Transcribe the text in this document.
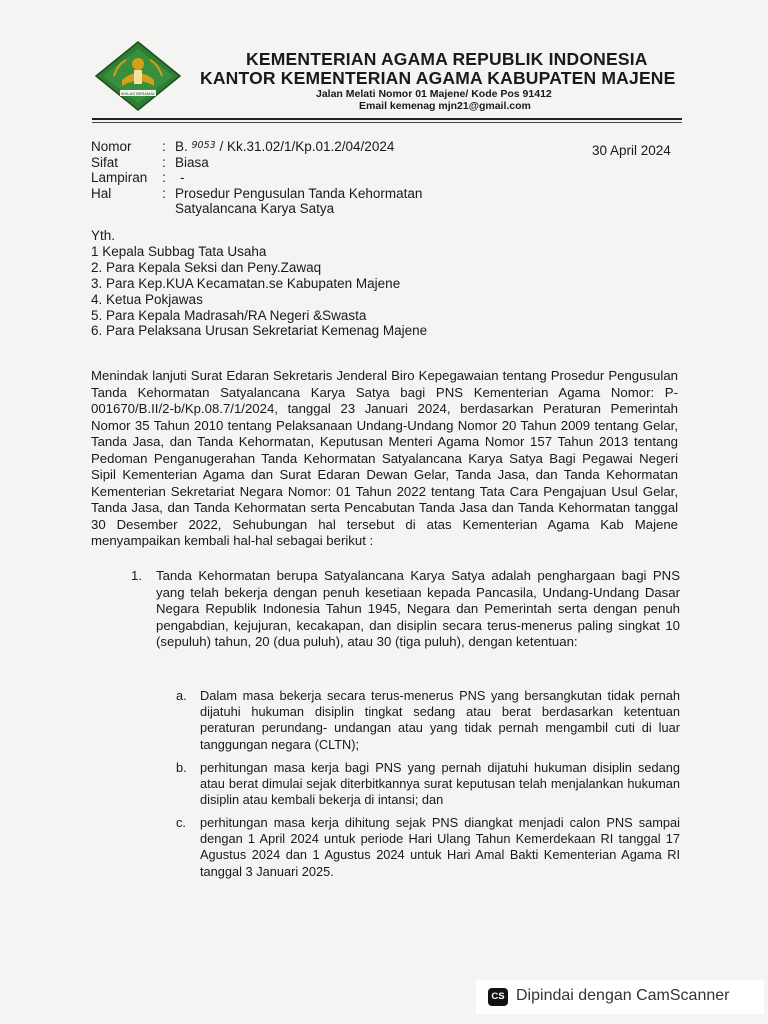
IKHLAS BERAMAL
KEMENTERIAN AGAMA REPUBLIK INDONESIA
KANTOR KEMENTERIAN AGAMA KABUPATEN MAJENE
Jalan Melati Nomor 01 Majene/ Kode Pos 91412
Email kemenag mjn21@gmail.com
Nomor : B. $^{9053}$ / Kk.31.02/1/Kp.01.2/04/2024
Sifat	: Biasa
Lampiran : -
Hal	: Prosedur Pengusulan Tanda Kehormatan
Satyalancana Karya Satya
30 April 2024
Yth.
1 Kepala Subbag Tata Usaha
2. Para Kepala Seksi dan Peny.Zawaq
3. Para Kep.KUA Kecamatan.se Kabupaten Majene
4. Ketua Pokjawas
5. Para Kepala Madrasah/RA Negeri &Swasta
6. Para Pelaksana Urusan Sekretariat Kemenag Majene
Menindak lanjuti Surat Edaran Sekretaris Jenderal Biro Kepegawaian tentang Prosedur Pengusulan Tanda Kehormatan Satyalancana Karya Satya bagi PNS Kementerian Agama Nomor: P-001670/B.II/2-b/Kp.08.7/1/2024, tanggal 23 Januari 2024, berdasarkan Peraturan Pemerintah Nomor 35 Tahun 2010 tentang Pelaksanaan Undang-Undang Nomor 20 Tahun 2009 tentang Gelar, Tanda Jasa, dan Tanda Kehormatan, Keputusan Menteri Agama Nomor 157 Tahun 2013 tentang Pedoman Penganugerahan Tanda Kehormatan Satyalancana Karya Satya Bagi Pegawai Negeri Sipil Kementerian Agama dan Surat Edaran Dewan Gelar, Tanda Jasa, dan Tanda Kehormatan Kementerian Sekretariat Negara Nomor: 01 Tahun 2022 tentang Tata Cara Pengajuan Usul Gelar, Tanda Jasa, dan Tanda Kehormatan serta Pencabutan Tanda Jasa dan Tanda Kehormatan tanggal 30 Desember 2022, Sehubungan hal tersebut di atas Kementerian Agama Kab Majene menyampaikan kembali hal-hal sebagai berikut :
1. Tanda Kehormatan berupa Satyalancana Karya Satya adalah penghargaan bagi PNS yang telah bekerja dengan penuh kesetiaan kepada Pancasila, Undang-Undang Dasar Negara Republik Indonesia Tahun 1945, Negara dan Pemerintah serta dengan penuh pengabdian, kejujuran, kecakapan, dan disiplin secara terus-menerus paling singkat 10 (sepuluh) tahun, 20 (dua puluh), atau 30 (tiga puluh), dengan ketentuan:
a. Dalam masa bekerja secara terus-menerus PNS yang bersangkutan tidak pernah dijatuhi hukuman disiplin tingkat sedang atau berat berdasarkan ketentuan peraturan perundang- undangan atau yang tidak pernah mengambil cuti di luar tanggungan negara (CLTN);
b. perhitungan masa kerja bagi PNS yang pernah dijatuhi hukuman disiplin sedang atau berat dimulai sejak diterbitkannya surat keputusan telah menjalankan hukuman disiplin atau kembali bekerja di intansi; dan
c. perhitungan masa kerja dihitung sejak PNS diangkat menjadi calon PNS sampai dengan 1 April 2024 untuk periode Hari Ulang Tahun Kemerdekaan RI tanggal 17 Agustus 2024 dan 1 Agustus 2024 untuk Hari Amal Bakti Kementerian Agama RI tanggal 3 Januari 2025.
CS Dipindai dengan CamScanner
